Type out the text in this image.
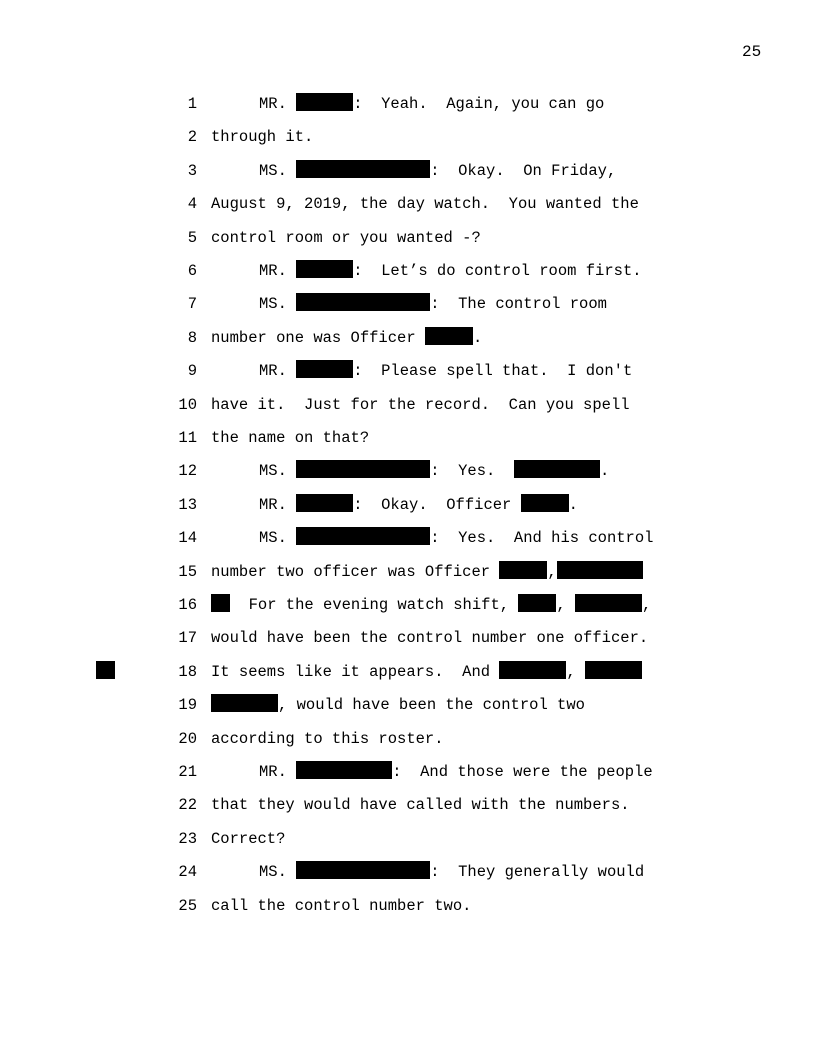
25
1	MR.	:  Yeah.  Again, you can go
2 through it.
3	MS.	:  Okay.  On Friday,
4 August 9, 2019, the day watch.  You wanted the
5 control room or you wanted -?
6	MR.	:  Let’s do control room first.
7	MS.	:  The control room
8 number one was Officer	.
9	MR.	:  Please spell that.  I don't
10 have it.  Just for the record.  Can you spell
11 the name on that?
12	MS.	:  Yes.	.
13	MR.	:  Okay.  Officer	.
14	MS.	:  Yes.  And his control
15 number two officer was Officer	,
16	For the evening watch shift, ,	,
17 would have been the control number one officer.
18 It seems like it appears.  And	,
19	, would have been the control two
20 according to this roster.
21	MR.	:  And those were the people
22 that they would have called with the numbers.
23 Correct?
24	MS.	:  They generally would
25 call the control number two.
